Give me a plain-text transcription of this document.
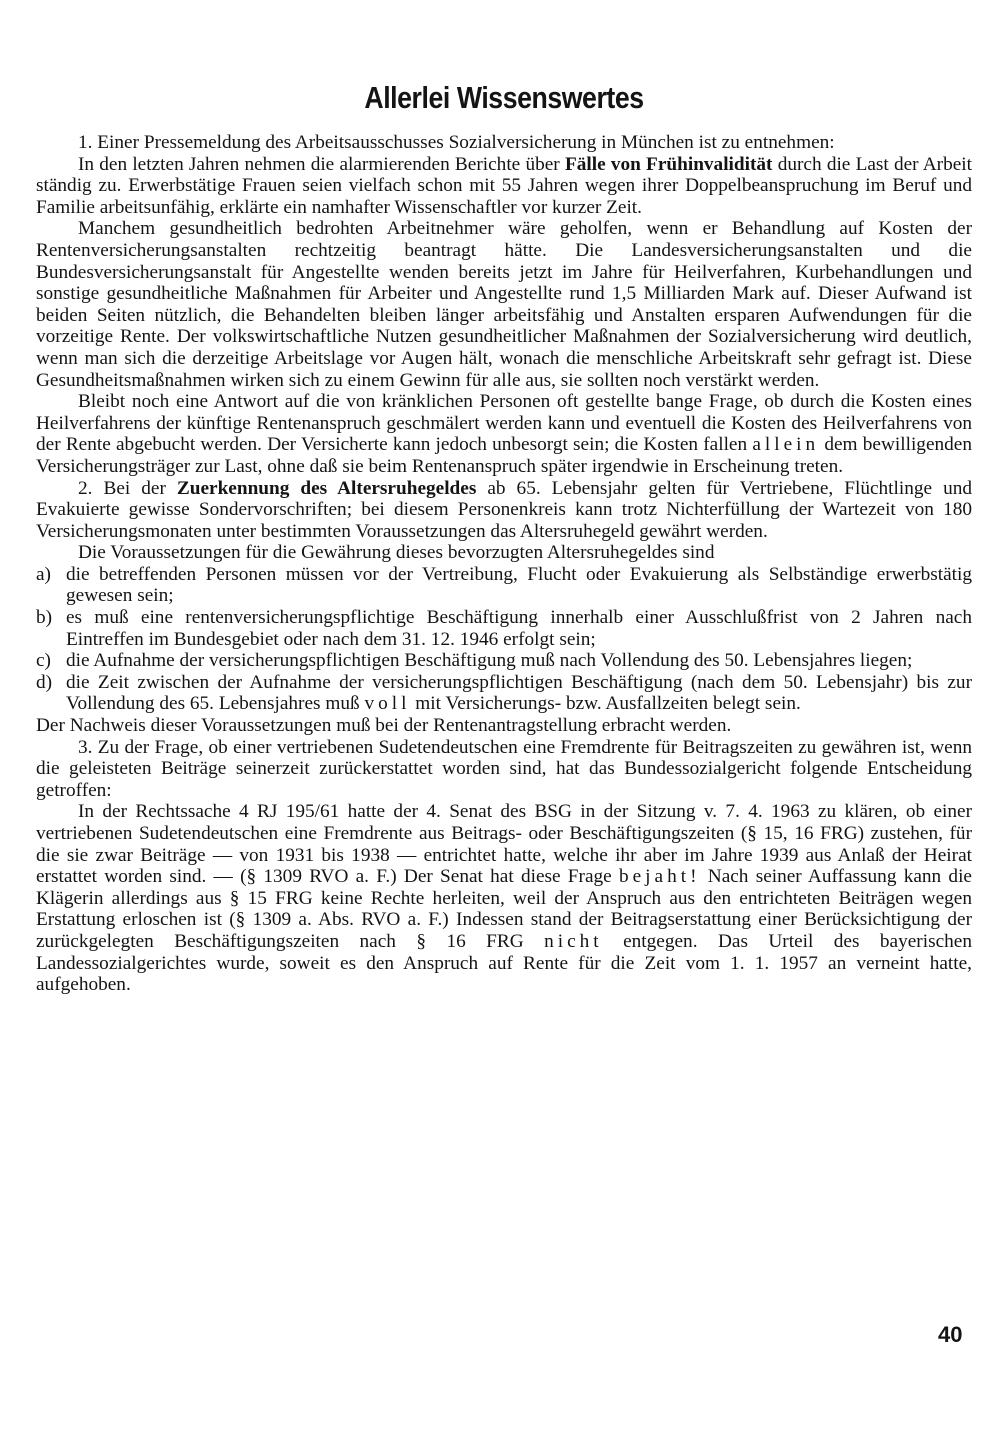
Allerlei Wissenswertes

1. Einer Pressemeldung des Arbeitsausschusses Sozialversicherung in München ist zu entnehmen:

In den letzten Jahren nehmen die alarmierenden Berichte über Fälle von Frühinvalidität durch die Last der Arbeit ständig zu. Erwerbstätige Frauen seien vielfach schon mit 55 Jahren wegen ihrer Doppelbeanspruchung im Beruf und Familie arbeitsunfähig, erklärte ein namhafter Wissenschaftler vor kurzer Zeit.

Manchem gesundheitlich bedrohten Arbeitnehmer wäre geholfen, wenn er Behandlung auf Kosten der Rentenversicherungsanstalten rechtzeitig beantragt hätte. Die Landesversicherungsanstalten und die Bundesversicherungsanstalt für Angestellte wenden bereits jetzt im Jahre für Heilverfahren, Kurbehandlungen und sonstige gesundheitliche Maßnahmen für Arbeiter und Angestellte rund 1,5 Milliarden Mark auf. Dieser Aufwand ist beiden Seiten nützlich, die Behandelten bleiben länger arbeitsfähig und Anstalten ersparen Aufwendungen für die vorzeitige Rente. Der volkswirtschaftliche Nutzen gesundheitlicher Maßnahmen der Sozialversicherung wird deutlich, wenn man sich die derzeitige Arbeitslage vor Augen hält, wonach die menschliche Arbeitskraft sehr gefragt ist. Diese Gesundheitsmaßnahmen wirken sich zu einem Gewinn für alle aus, sie sollten noch verstärkt werden.

Bleibt noch eine Antwort auf die von kränklichen Personen oft gestellte bange Frage, ob durch die Kosten eines Heilverfahrens der künftige Rentenanspruch geschmälert werden kann und eventuell die Kosten des Heilverfahrens von der Rente abgebucht werden. Der Versicherte kann jedoch unbesorgt sein; die Kosten fallen allein dem bewilligenden Versicherungsträger zur Last, ohne daß sie beim Rentenanspruch später irgendwie in Erscheinung treten.

2. Bei der Zuerkennung des Altersruhegeldes ab 65. Lebensjahr gelten für Vertriebene, Flüchtlinge und Evakuierte gewisse Sondervorschriften; bei diesem Personenkreis kann trotz Nichterfüllung der Wartezeit von 180 Versicherungsmonaten unter bestimmten Voraussetzungen das Altersruhegeld gewährt werden.

Die Voraussetzungen für die Gewährung dieses bevorzugten Altersruhegeldes sind

a) die betreffenden Personen müssen vor der Vertreibung, Flucht oder Evakuierung als Selbständige erwerbstätig gewesen sein;
b) es muß eine rentenversicherungspflichtige Beschäftigung innerhalb einer Ausschlußfrist von 2 Jahren nach Eintreffen im Bundesgebiet oder nach dem 31. 12. 1946 erfolgt sein;
c) die Aufnahme der versicherungspflichtigen Beschäftigung muß nach Vollendung des 50. Lebensjahres liegen;
d) die Zeit zwischen der Aufnahme der versicherungspflichtigen Beschäftigung (nach dem 50. Lebensjahr) bis zur Vollendung des 65. Lebensjahres muß voll mit Versicherungs- bzw. Ausfallzeiten belegt sein.

Der Nachweis dieser Voraussetzungen muß bei der Rentenantragstellung erbracht werden.

3. Zu der Frage, ob einer vertriebenen Sudetendeutschen eine Fremdrente für Beitragszeiten zu gewähren ist, wenn die geleisteten Beiträge seinerzeit zurückerstattet worden sind, hat das Bundessozialgericht folgende Entscheidung getroffen:

In der Rechtssache 4 RJ 195/61 hatte der 4. Senat des BSG in der Sitzung v. 7. 4. 1963 zu klären, ob einer vertriebenen Sudetendeutschen eine Fremdrente aus Beitrags- oder Beschäftigungszeiten (§ 15, 16 FRG) zustehen, für die sie zwar Beiträge — von 1931 bis 1938 — entrichtet hatte, welche ihr aber im Jahre 1939 aus Anlaß der Heirat erstattet worden sind. — (§ 1309 RVO a. F.) Der Senat hat diese Frage bejaht! Nach seiner Auffassung kann die Klägerin allerdings aus § 15 FRG keine Rechte herleiten, weil der Anspruch aus den entrichteten Beiträgen wegen Erstattung erloschen ist (§ 1309 a. Abs. RVO a. F.) Indessen stand der Beitragserstattung einer Berücksichtigung der zurückgelegten Beschäftigungszeiten nach § 16 FRG nicht entgegen. Das Urteil des bayerischen Landessozialgerichtes wurde, soweit es den Anspruch auf Rente für die Zeit vom 1. 1. 1957 an verneint hatte, aufgehoben.

40
